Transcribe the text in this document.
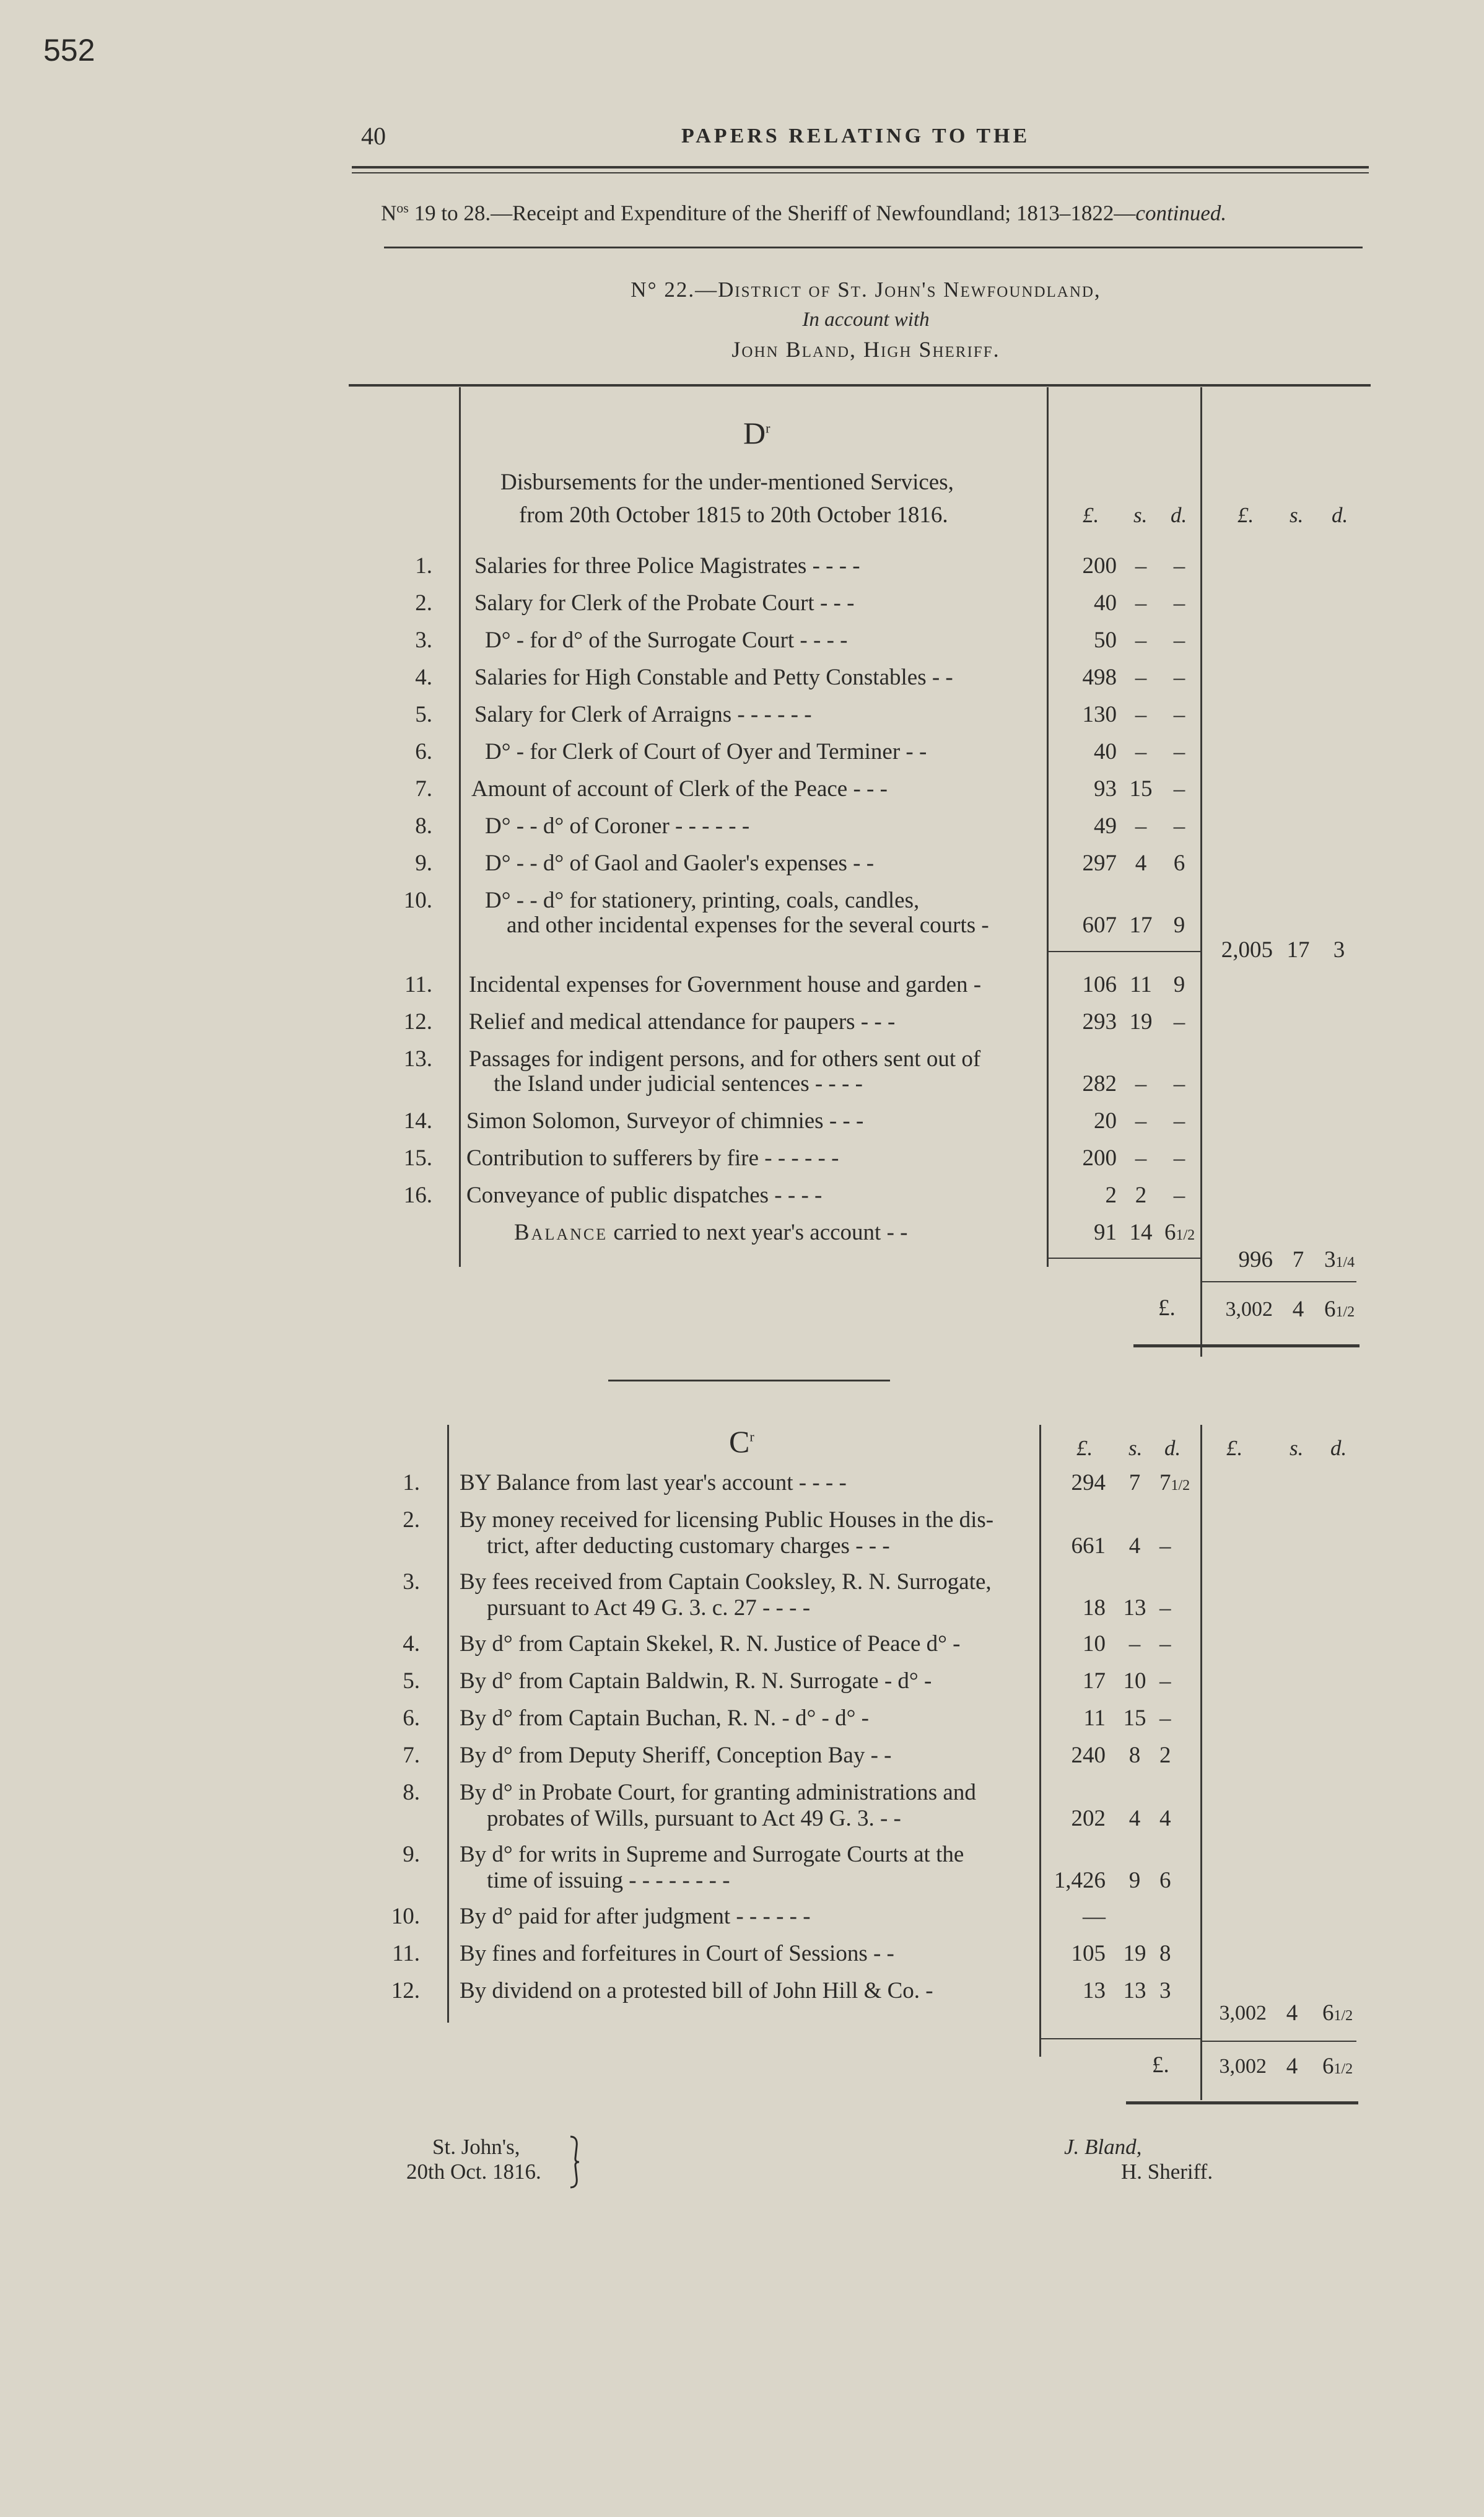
552
40	PAPERS RELATING TO THE
$N^{os}$ 19 to 28.—Receipt and Expenditure of the Sheriff of Newfoundland; 1813–1822—continued.
N° 22.—District of St. John's Newfoundland,
In account with
John Bland, High Sheriff.
$D^r$
Disbursements for the under-mentioned Services,
from 20th October 1815 to 20th October 1816.	£. s. d. £. s. d.
1. Salaries for three Police Magistrates - - - -	200 –	–
2. Salary for Clerk of the Probate Court - - -	40 –	–
3. D° - for d° of the Surrogate Court - - - -	50 –	–
4. Salaries for High Constable and Petty Constables - -	498 –	–
5. Salary for Clerk of Arraigns - - - - - -	130 –	–
6. D° - for Clerk of Court of Oyer and Terminer - -	40 –	–
7. Amount of account of Clerk of the Peace - - -	93 15 –
8. D° - - d° of Coroner - - - - - -	49 –	–
9. D° - - d° of Gaol and Gaoler's expenses - -	297 4	6
10. D° - - d° for stationery, printing, coals, candles,
and other incidental expenses for the several courts -	607 17 9
2,005 17	3
11. Incidental expenses for Government house and garden -	106 11 9
12. Relief and medical attendance for paupers - - -	293 19 –
13. Passages for indigent persons, and for others sent out of
the Island under judicial sentences - - - -	282 –	–
14. Simon Solomon, Surveyor of chimnies - - -	20 –	–
15. Contribution to sufferers by fire - - - - - -	200 –	–
16. Conveyance of public dispatches - - - -	2 2	–
Balance carried to next year's account - -	91 14 61/2
996 7 31/4
£.	3,002 4 61/2
$C^r$	£. s. d. £. s. d.
1. BY Balance from last year's account - - - -	294	7 71/2
2. By money received for licensing Public Houses in the dis-
trict, after deducting customary charges - - -	661	4 –
3. By fees received from Captain Cooksley, R. N. Surrogate,
pursuant to Act 49 G. 3. c. 27 - - - -	18 13 –
4. By d° from Captain Skekel, R. N. Justice of Peace d° -	10	– –
5. By d° from Captain Baldwin, R. N. Surrogate - d° -	17 10 –
6. By d° from Captain Buchan, R. N. - d° - d° -	11 15 –
7. By d° from Deputy Sheriff, Conception Bay - -	240	8 2
8. By d° in Probate Court, for granting administrations and
probates of Wills, pursuant to Act 49 G. 3. - -	202	4 4
9. By d° for writs in Supreme and Surrogate Courts at the
time of issuing - - - - - - - -	1,426	9 6
10. By d° paid for after judgment - - - - - -	—
11. By fines and forfeitures in Court of Sessions - -	105 19 8
12. By dividend on a protested bill of John Hill & Co. -	13 13 3
3,002 4	61/2
£.	3,002 4	61/2
St. John's,
20th Oct. 1816.
J. Bland,
H. Sheriff.
